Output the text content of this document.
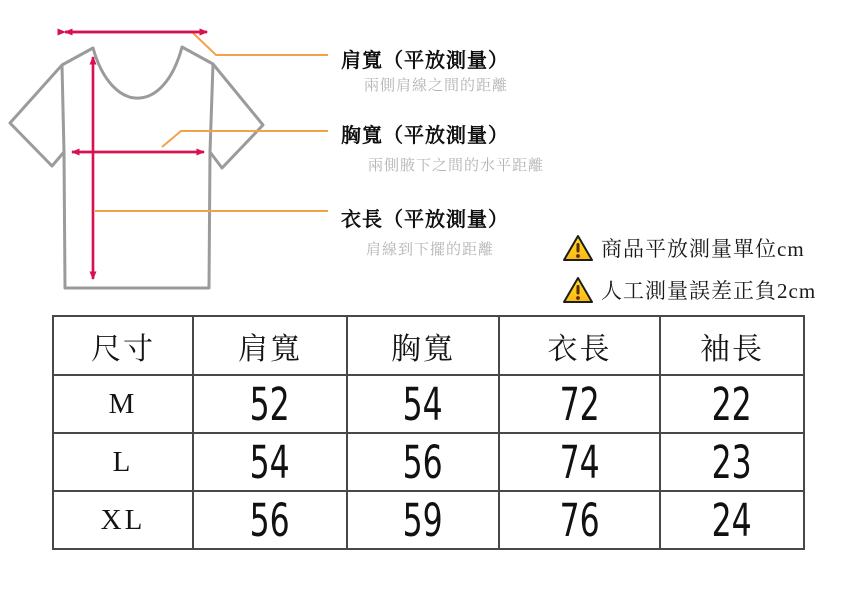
肩寬（平放測量）
兩側肩線之間的距離
胸寬（平放測量）
兩側腋下之間的水平距離
衣長（平放測量）
肩線到下擺的距離	商品平放測量單位cm
人工測量誤差正負2cm
尺寸	肩寬	胸寬	衣長	袖長
M	52	54	72	22
L	54	56	74	23
XL	56	59	76	24
